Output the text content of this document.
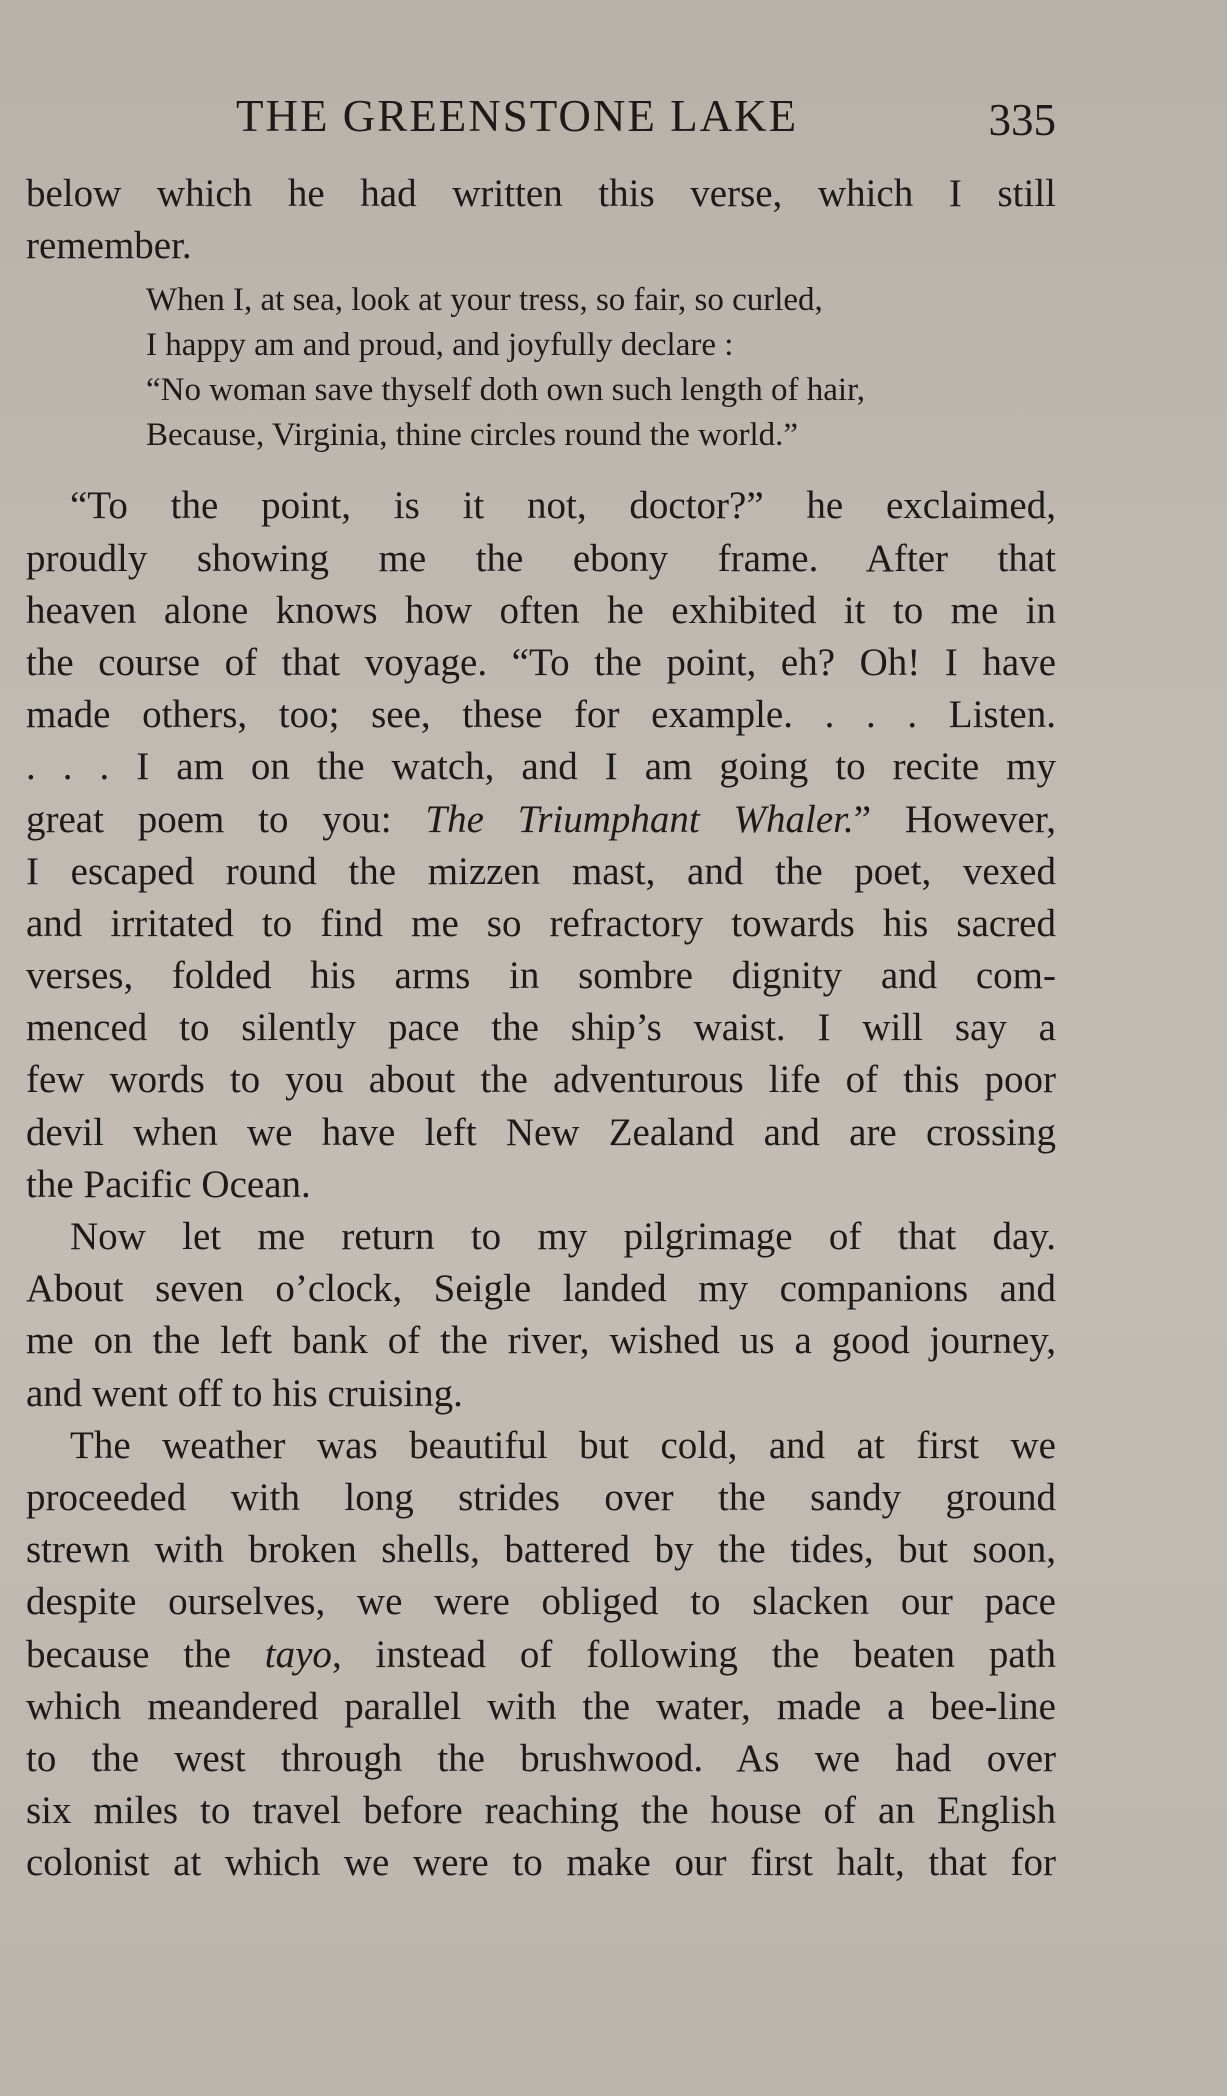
THE GREENSTONE LAKE	335
below which he had written this verse, which I still
remember.
When I, at sea, look at your tress, so fair, so curled,
I happy am and proud, and joyfully declare :
“No woman save thyself doth own such length of hair,
Because, Virginia, thine circles round the world.”
“To the point, is it not, doctor?” he exclaimed,
proudly showing me the ebony frame. After that
heaven alone knows how often he exhibited it to me in
the course of that voyage. “To the point, eh? Oh! I have
made others, too; see, these for example. . . . Listen.
. . . I am on the watch, and I am going to recite my
great poem to you: The Triumphant Whaler.” However,
I escaped round the mizzen mast, and the poet, vexed
and irritated to find me so refractory towards his sacred
verses, folded his arms in sombre dignity and com-
menced to silently pace the ship’s waist. I will say a
few words to you about the adventurous life of this poor
devil when we have left New Zealand and are crossing
the Pacific Ocean.
Now let me return to my pilgrimage of that day.
About seven o’clock, Seigle landed my companions and
me on the left bank of the river, wished us a good journey,
and went off to his cruising.
The weather was beautiful but cold, and at first we
proceeded with long strides over the sandy ground
strewn with broken shells, battered by the tides, but soon,
despite ourselves, we were obliged to slacken our pace
because the tayo, instead of following the beaten path
which meandered parallel with the water, made a bee-line
to the west through the brushwood. As we had over
six miles to travel before reaching the house of an English
colonist at which we were to make our first halt, that for
